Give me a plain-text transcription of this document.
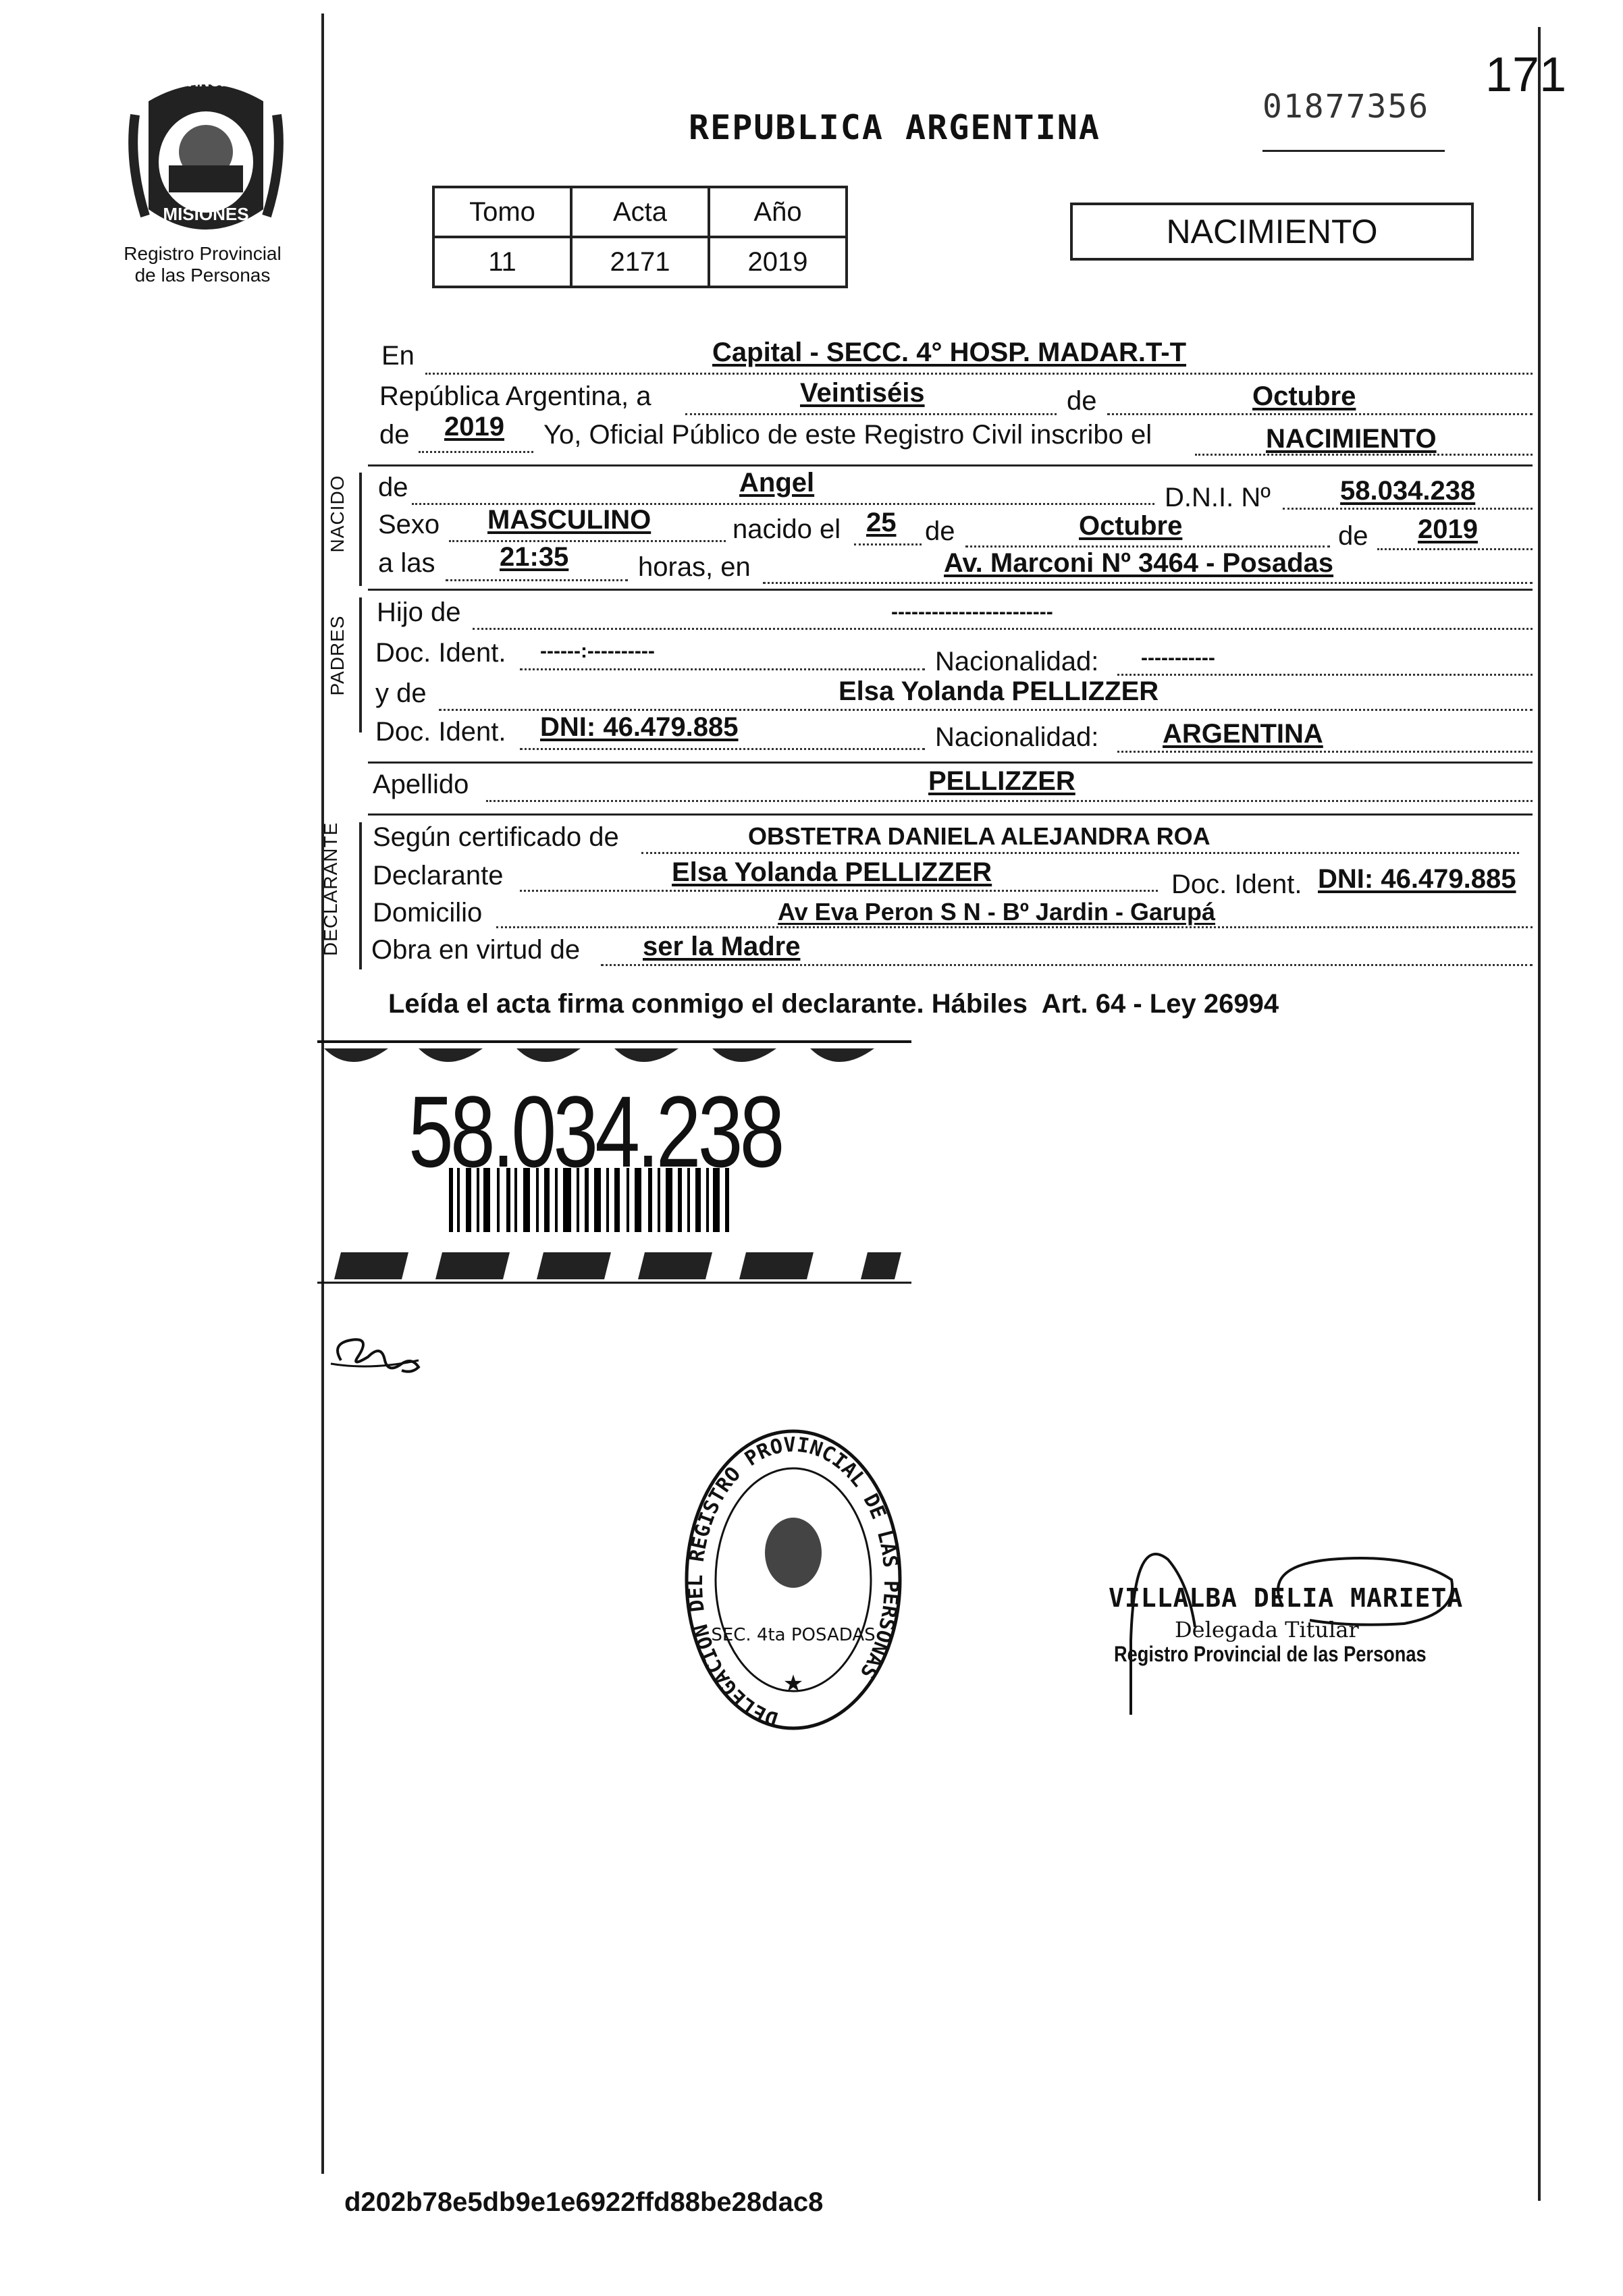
171
01877356
PROVINCIA DE
MISIONES
Registro Provincial
de las Personas
REPUBLICA ARGENTINA
Tomo	Acta	Año
11	2171	2019
NACIMIENTO
En	Capital - SECC. 4° HOSP. MADAR.T-T
República Argentina, a	Veintiséis	de	Octubre
de 2019 Yo, Oficial Público de este Registro Civil inscribo el	NACIMIENTO
NACIDO de	Angel	D.N.I. Nº	58.034.238
Sexo MASCULINO	nacido el 25 de	Octubre	de 2019
a las 21:35	horas, en	Av. Marconi Nº 3464 - Posadas
PADRES
Hijo de	------------------------
Doc. Ident. ------:----------	Nacionalidad: -----------
y de	Elsa Yolanda PELLIZZER
Doc. Ident. DNI: 46.479.885	Nacionalidad: ARGENTINA
Apellido	PELLIZZER
DECLARANTE Según certificado de	OBSTETRA DANIELA ALEJANDRA ROA
Declarante	Elsa Yolanda PELLIZZER	Doc. Ident. DNI: 46.479.885
Domicilio	Av Eva Peron S N - Bº Jardin - Garupá
Obra en virtud de ser la Madre
Leída el acta firma conmigo el declarante. Hábiles  Art. 64 - Ley 26994
58.034.238
DELEGACION DEL REGISTRO PROVINCIAL DE LAS PERSONAS
SEC. 4ta POSADAS
★
VILLALBA DELIA MARIETA
Delegada Titular
Registro Provincial de las Personas
d202b78e5db9e1e6922ffd88be28dac8
